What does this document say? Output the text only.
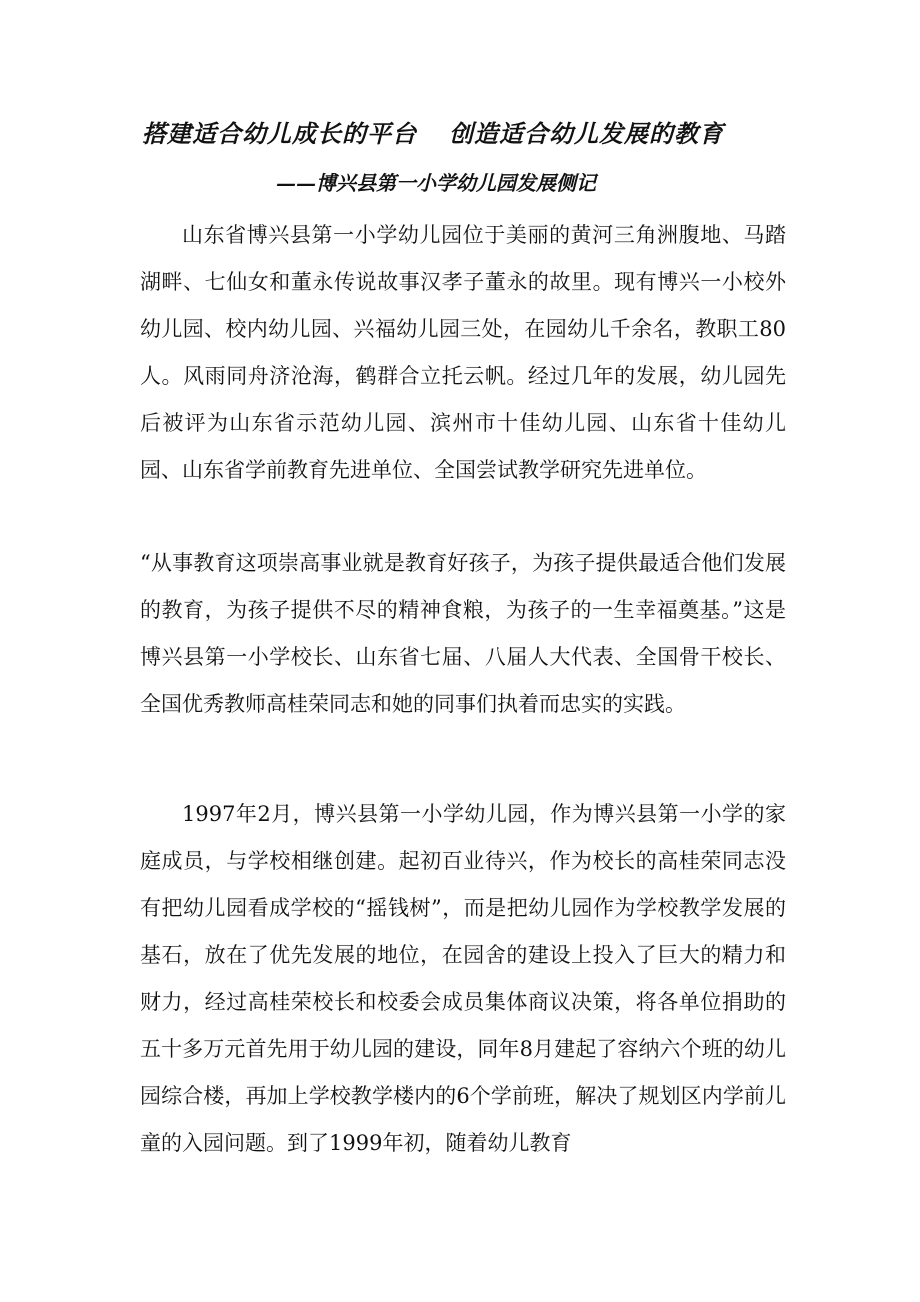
搭建适合幼儿成长的平台 创造适合幼儿发展的教育
——博兴县第一小学幼儿园发展侧记

山东省博兴县第一小学幼儿园位于美丽的黄河三角洲腹地、马踏湖畔、七仙女和董永传说故事汉孝子董永的故里。现有博兴一小校外幼儿园、校内幼儿园、兴福幼儿园三处，在园幼儿千余名，教职工80人。风雨同舟济沧海，鹤群合立托云帆。经过几年的发展，幼儿园先后被评为山东省示范幼儿园、滨州市十佳幼儿园、山东省十佳幼儿园、山东省学前教育先进单位、全国尝试教学研究先进单位。

“从事教育这项崇高事业就是教育好孩子，为孩子提供最适合他们发展的教育，为孩子提供不尽的精神食粮，为孩子的一生幸福奠基。”这是博兴县第一小学校长、山东省七届、八届人大代表、全国骨干校长、全国优秀教师高桂荣同志和她的同事们执着而忠实的实践。

1997年2月，博兴县第一小学幼儿园，作为博兴县第一小学的家庭成员，与学校相继创建。起初百业待兴，作为校长的高桂荣同志没有把幼儿园看成学校的“摇钱树”，而是把幼儿园作为学校教学发展的基石，放在了优先发展的地位，在园舍的建设上投入了巨大的精力和财力，经过高桂荣校长和校委会成员集体商议决策，将各单位捐助的五十多万元首先用于幼儿园的建设，同年8月建起了容纳六个班的幼儿园综合楼，再加上学校教学楼内的6个学前班，解决了规划区内学前儿童的入园问题。到了1999年初，随着幼儿教育
